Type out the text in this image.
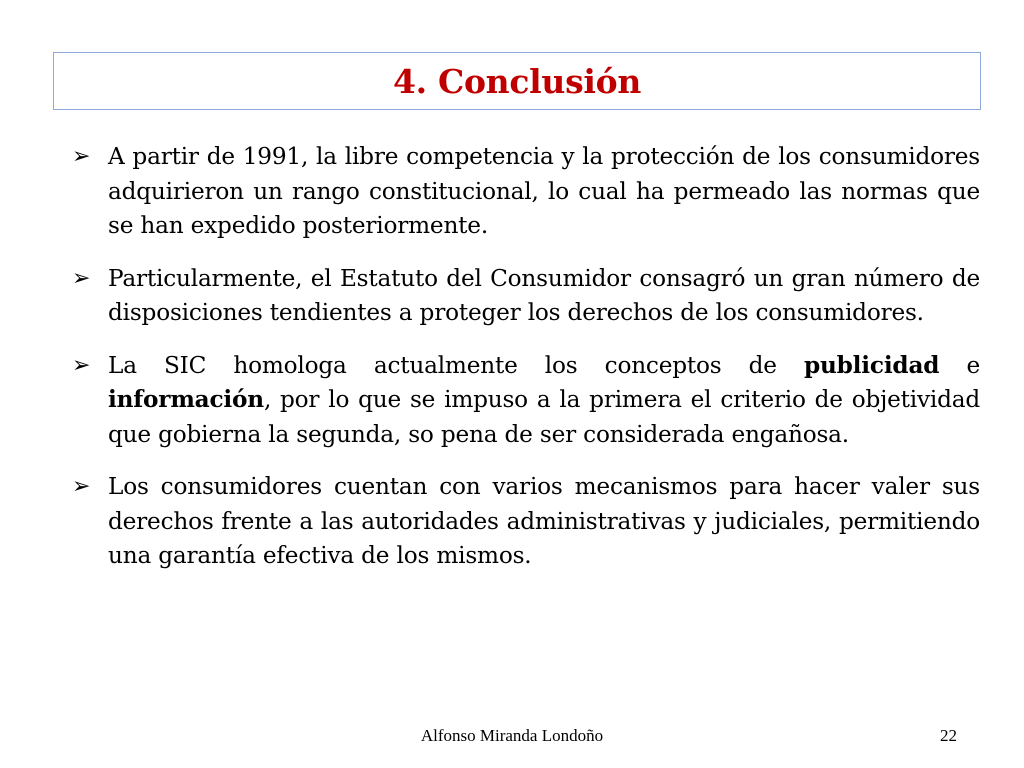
4. Conclusión
➢ A partir de 1991, la libre competencia y la protección de los consumidores adquirieron un rango constitucional, lo cual ha permeado las normas que se han expedido posteriormente.
➢ Particularmente, el Estatuto del Consumidor consagró un gran número de disposiciones tendientes a proteger los derechos de los consumidores.
➢ La SIC homologa actualmente los conceptos de publicidad e información, por lo que se impuso a la primera el criterio de objetividad que gobierna la segunda, so pena de ser considerada engañosa.
➢ Los consumidores cuentan con varios mecanismos para hacer valer sus derechos frente a las autoridades administrativas y judiciales, permitiendo una garantía efectiva de los mismos.
Alfonso Miranda Londoño	22
